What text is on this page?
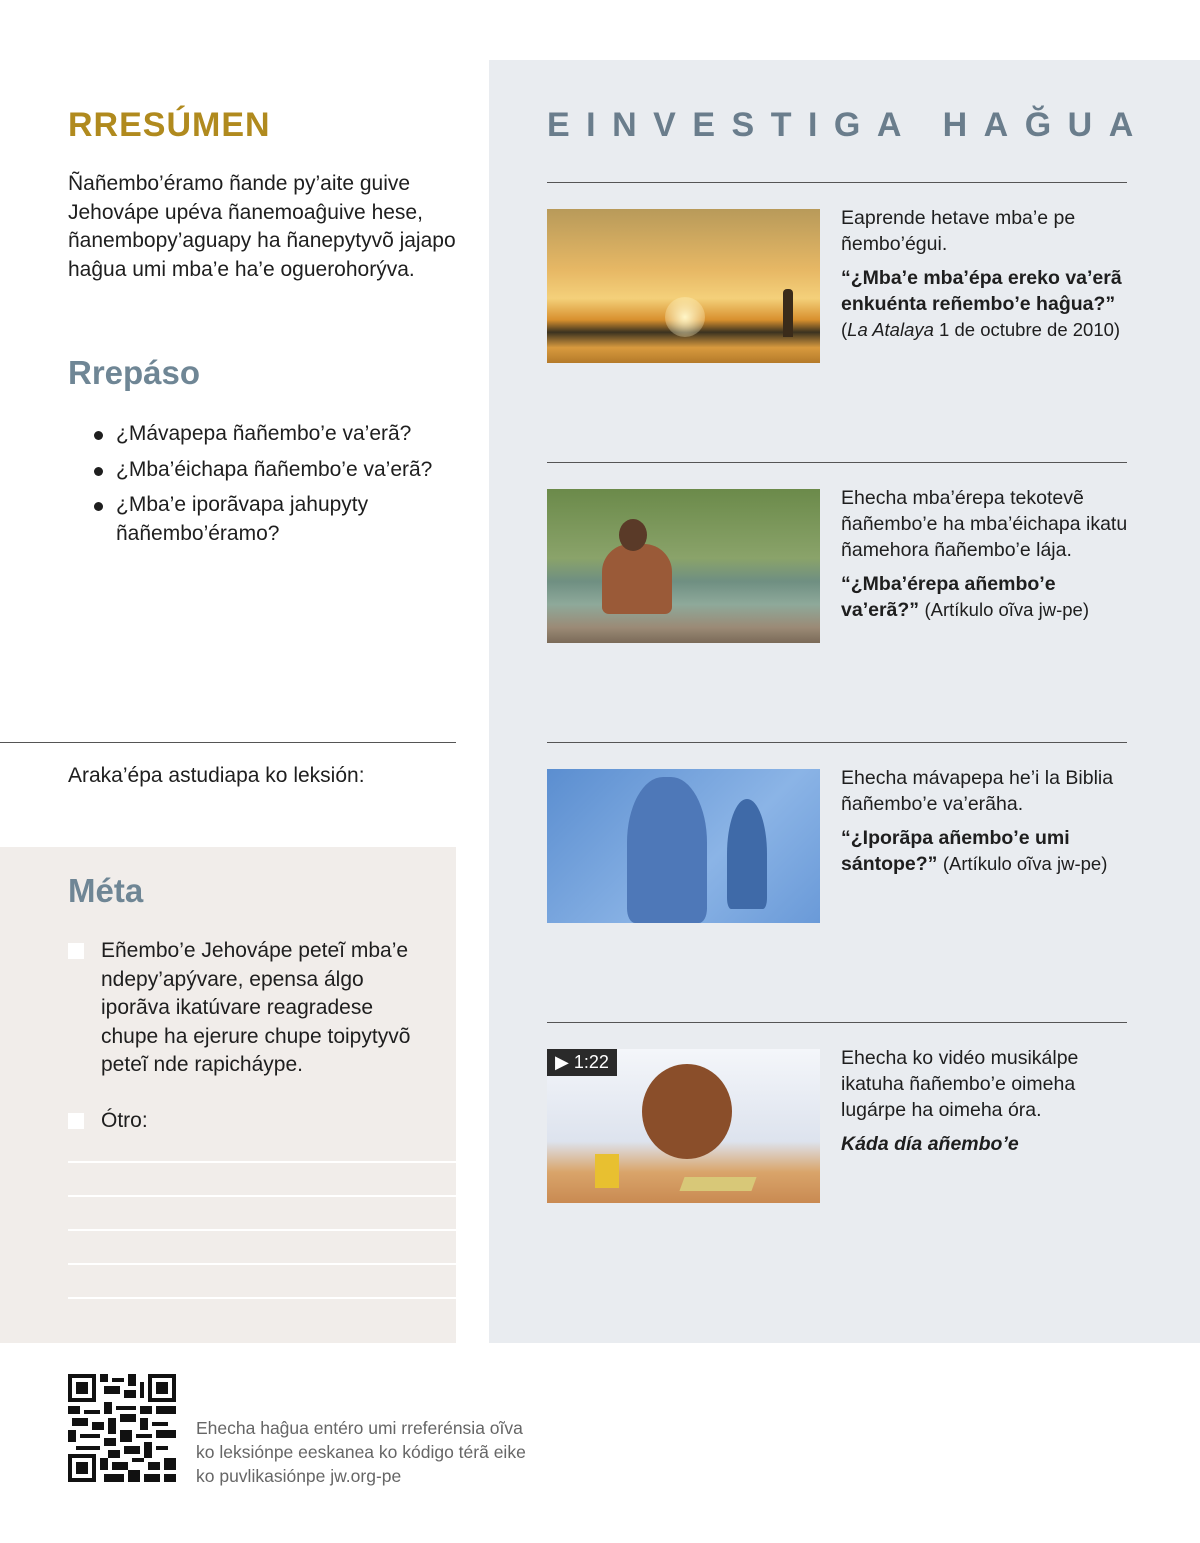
RRESÚMEN
Ñañembo’éramo ñande py’aite guive Jehovápe upéva ñanemoaĝuive hese, ñanembopy’aguapy ha ñanepytyvõ jajapo haĝua umi mba’e ha’e oguerohorýva.
Rrepáso
¿Mávapepa ñañembo’e va’erã?
¿Mba’éichapa ñañembo’e va’erã?
¿Mba’e iporãvapa jahupyty ñañembo’éramo?
Araka’épa astudiapa ko leksión:
Méta
Eñembo’e Jehovápe peteĩ mba’e ndepy’apývare, epensa álgo iporãva ikatúvare reagradese chupe ha ejerure chupe toipytyvõ peteĩ nde rapicháype.
Ótro:
EINVESTIGA HAĞUA
Eaprende hetave mba’e pe ñembo’égui.
“¿Mba’e mba’épa ereko va’erã enkuénta reñembo’e haĝua?”
(La Atalaya 1 de octubre de 2010)
Ehecha mba’érepa tekotevẽ ñañembo’e ha mba’éichapa ikatu ñamehora ñañembo’e lája.
“¿Mba’érepa añembo’e va’erã?” (Artíkulo oĩva jw-pe)
Ehecha mávapepa he’i la Biblia ñañembo’e va’erãha.
“¿Iporãpa añembo’e umi sántope?” (Artíkulo oĩva jw-pe)
▶ 1:22	Ehecha ko vidéo musikálpe ikatuha ñañembo’e oimeha lugárpe ha oimeha óra.
Káda día añembo’e
Ehecha haĝua entéro umi rreferénsia oĩva ko leksiónpe eeskanea ko kódigo térã eike ko puvlikasiónpe jw.org-pe
